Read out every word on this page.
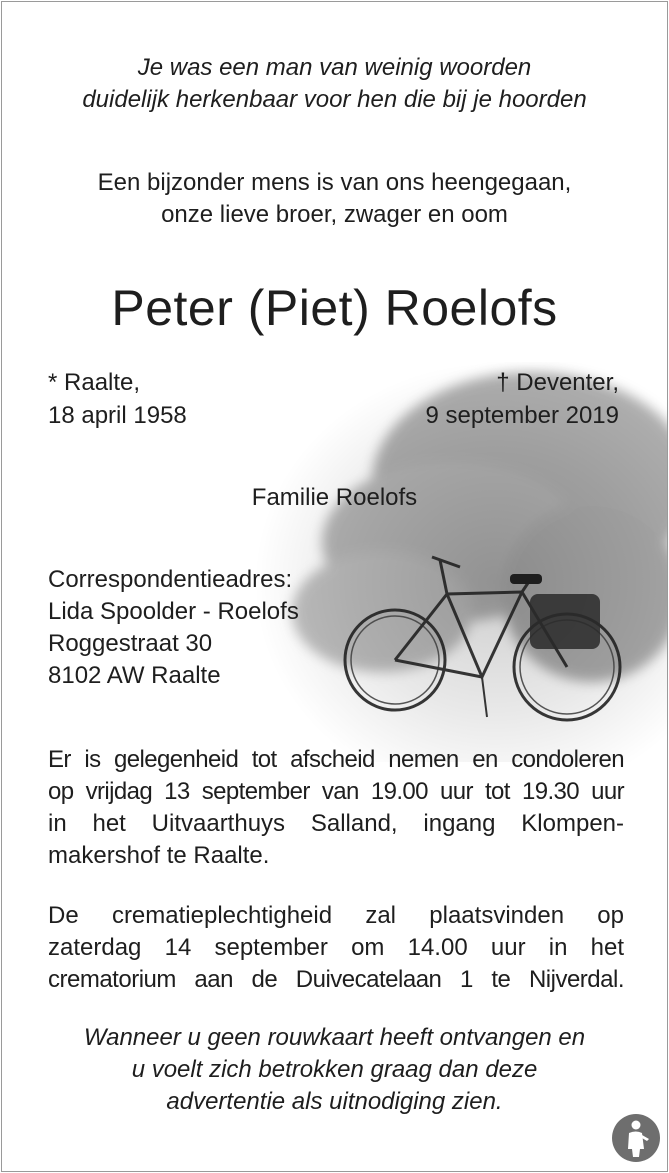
Je was een man van weinig woorden

duidelijk herkenbaar voor hen die bij je hoorden

Een bijzonder mens is van ons heengegaan,

onze lieve broer, zwager en oom

Peter (Piet) Roelofs

* Raalte,

18 april 1958

† Deventer,

9 september 2019

Familie Roelofs

Correspondentieadres:

Lida Spoolder - Roelofs

Roggestraat 30

8102 AW Raalte

Er is gelegenheid tot afscheid nemen en condoleren

op vrijdag 13 september van 19.00 uur tot 19.30 uur

in het Uitvaarthuys Salland, ingang Klompen-

makershof te Raalte.

De crematieplechtigheid zal plaatsvinden op

zaterdag 14 september om 14.00 uur in het

crematorium aan de Duivecatelaan 1 te Nijverdal.

Wanneer u geen rouwkaart heeft ontvangen en

u voelt zich betrokken graag dan deze

advertentie als uitnodiging zien.
